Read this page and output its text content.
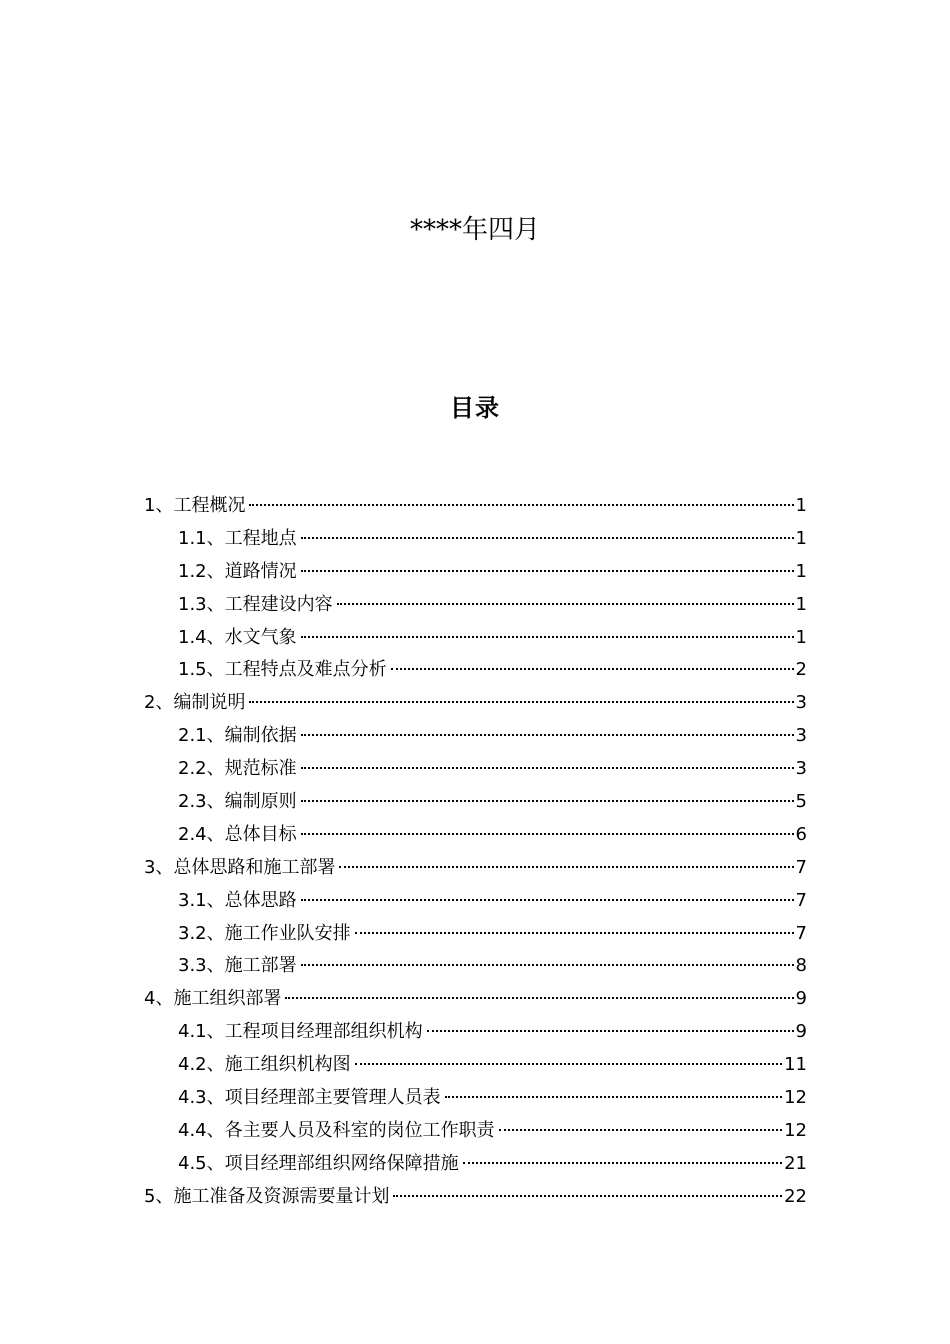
****年四月
目录
1、 工程概况	1
1.1、 工程地点	1
1.2、 道路情况	1
1.3、 工程建设内容	1
1.4、 水文气象	1
1.5、 工程特点及难点分析	2
2、 编制说明	3
2.1、 编制依据	3
2.2、 规范标准	3
2.3、 编制原则	5
2.4、 总体目标	6
3、 总体思路和施工部署	7
3.1、 总体思路	7
3.2、 施工作业队安排	7
3.3、 施工部署	8
4、 施工组织部署	9
4.1、 工程项目经理部组织机构	9
4.2、 施工组织机构图	11
4.3、 项目经理部主要管理人员表	12
4.4、 各主要人员及科室的岗位工作职责	12
4.5、 项目经理部组织网络保障措施	21
5、 施工准备及资源需要量计划	22
